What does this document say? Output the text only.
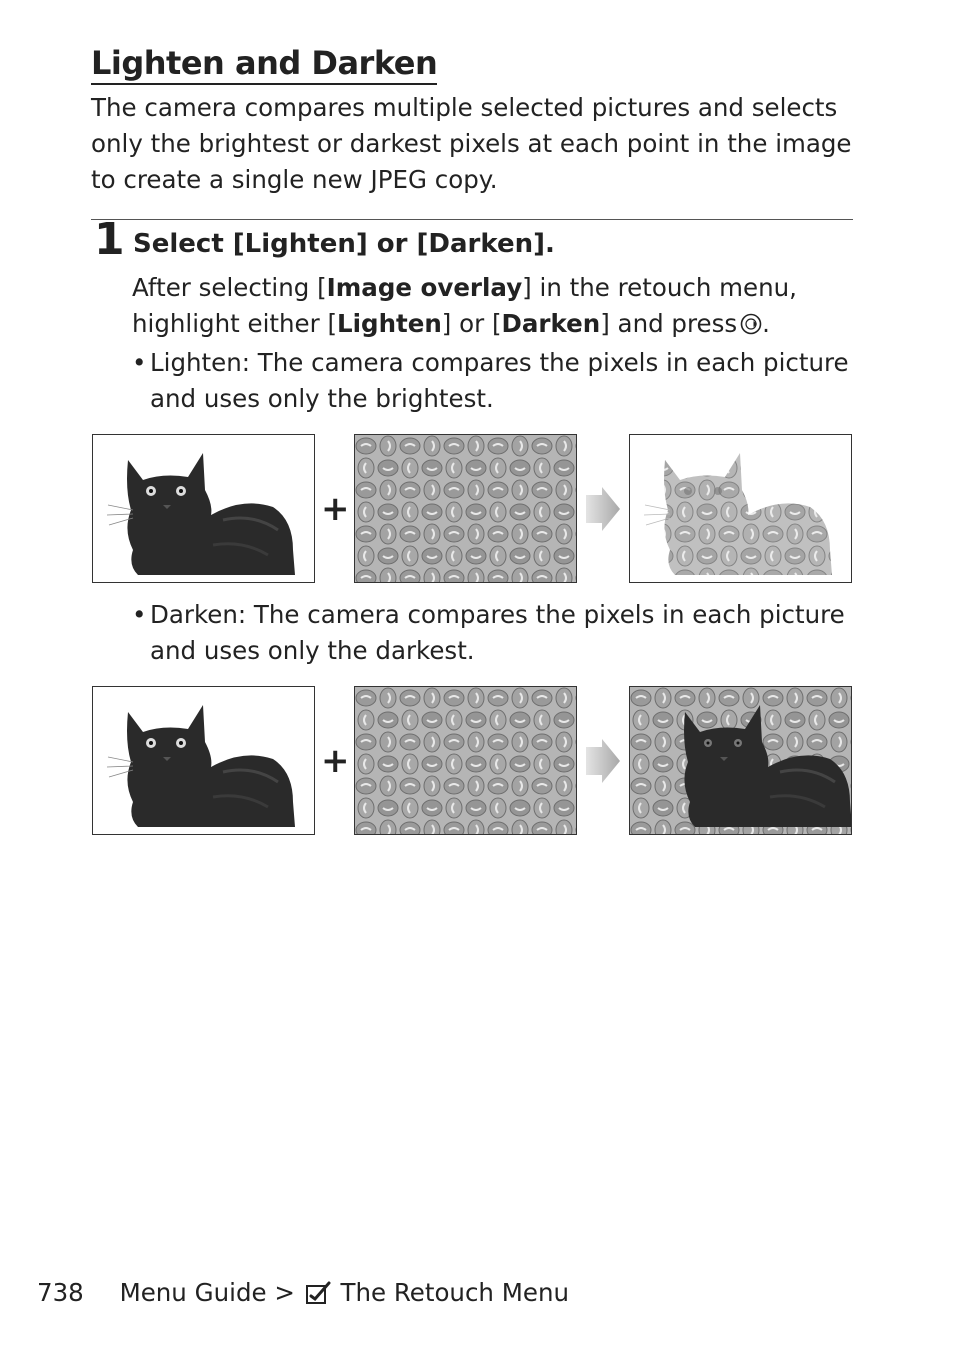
Lighten and Darken

The camera compares multiple selected pictures and selects only the brightest or darkest pixels at each point in the image to create a single new JPEG copy.

1 Select [Lighten] or [Darken].

After selecting [Image overlay] in the retouch menu, highlight either [Lighten] or [Darken] and press .

• Lighten: The camera compares the pixels in each picture and uses only the brightest.

+

• Darken: The camera compares the pixels in each picture and uses only the darkest.

+
738 Menu Guide > The Retouch Menu
